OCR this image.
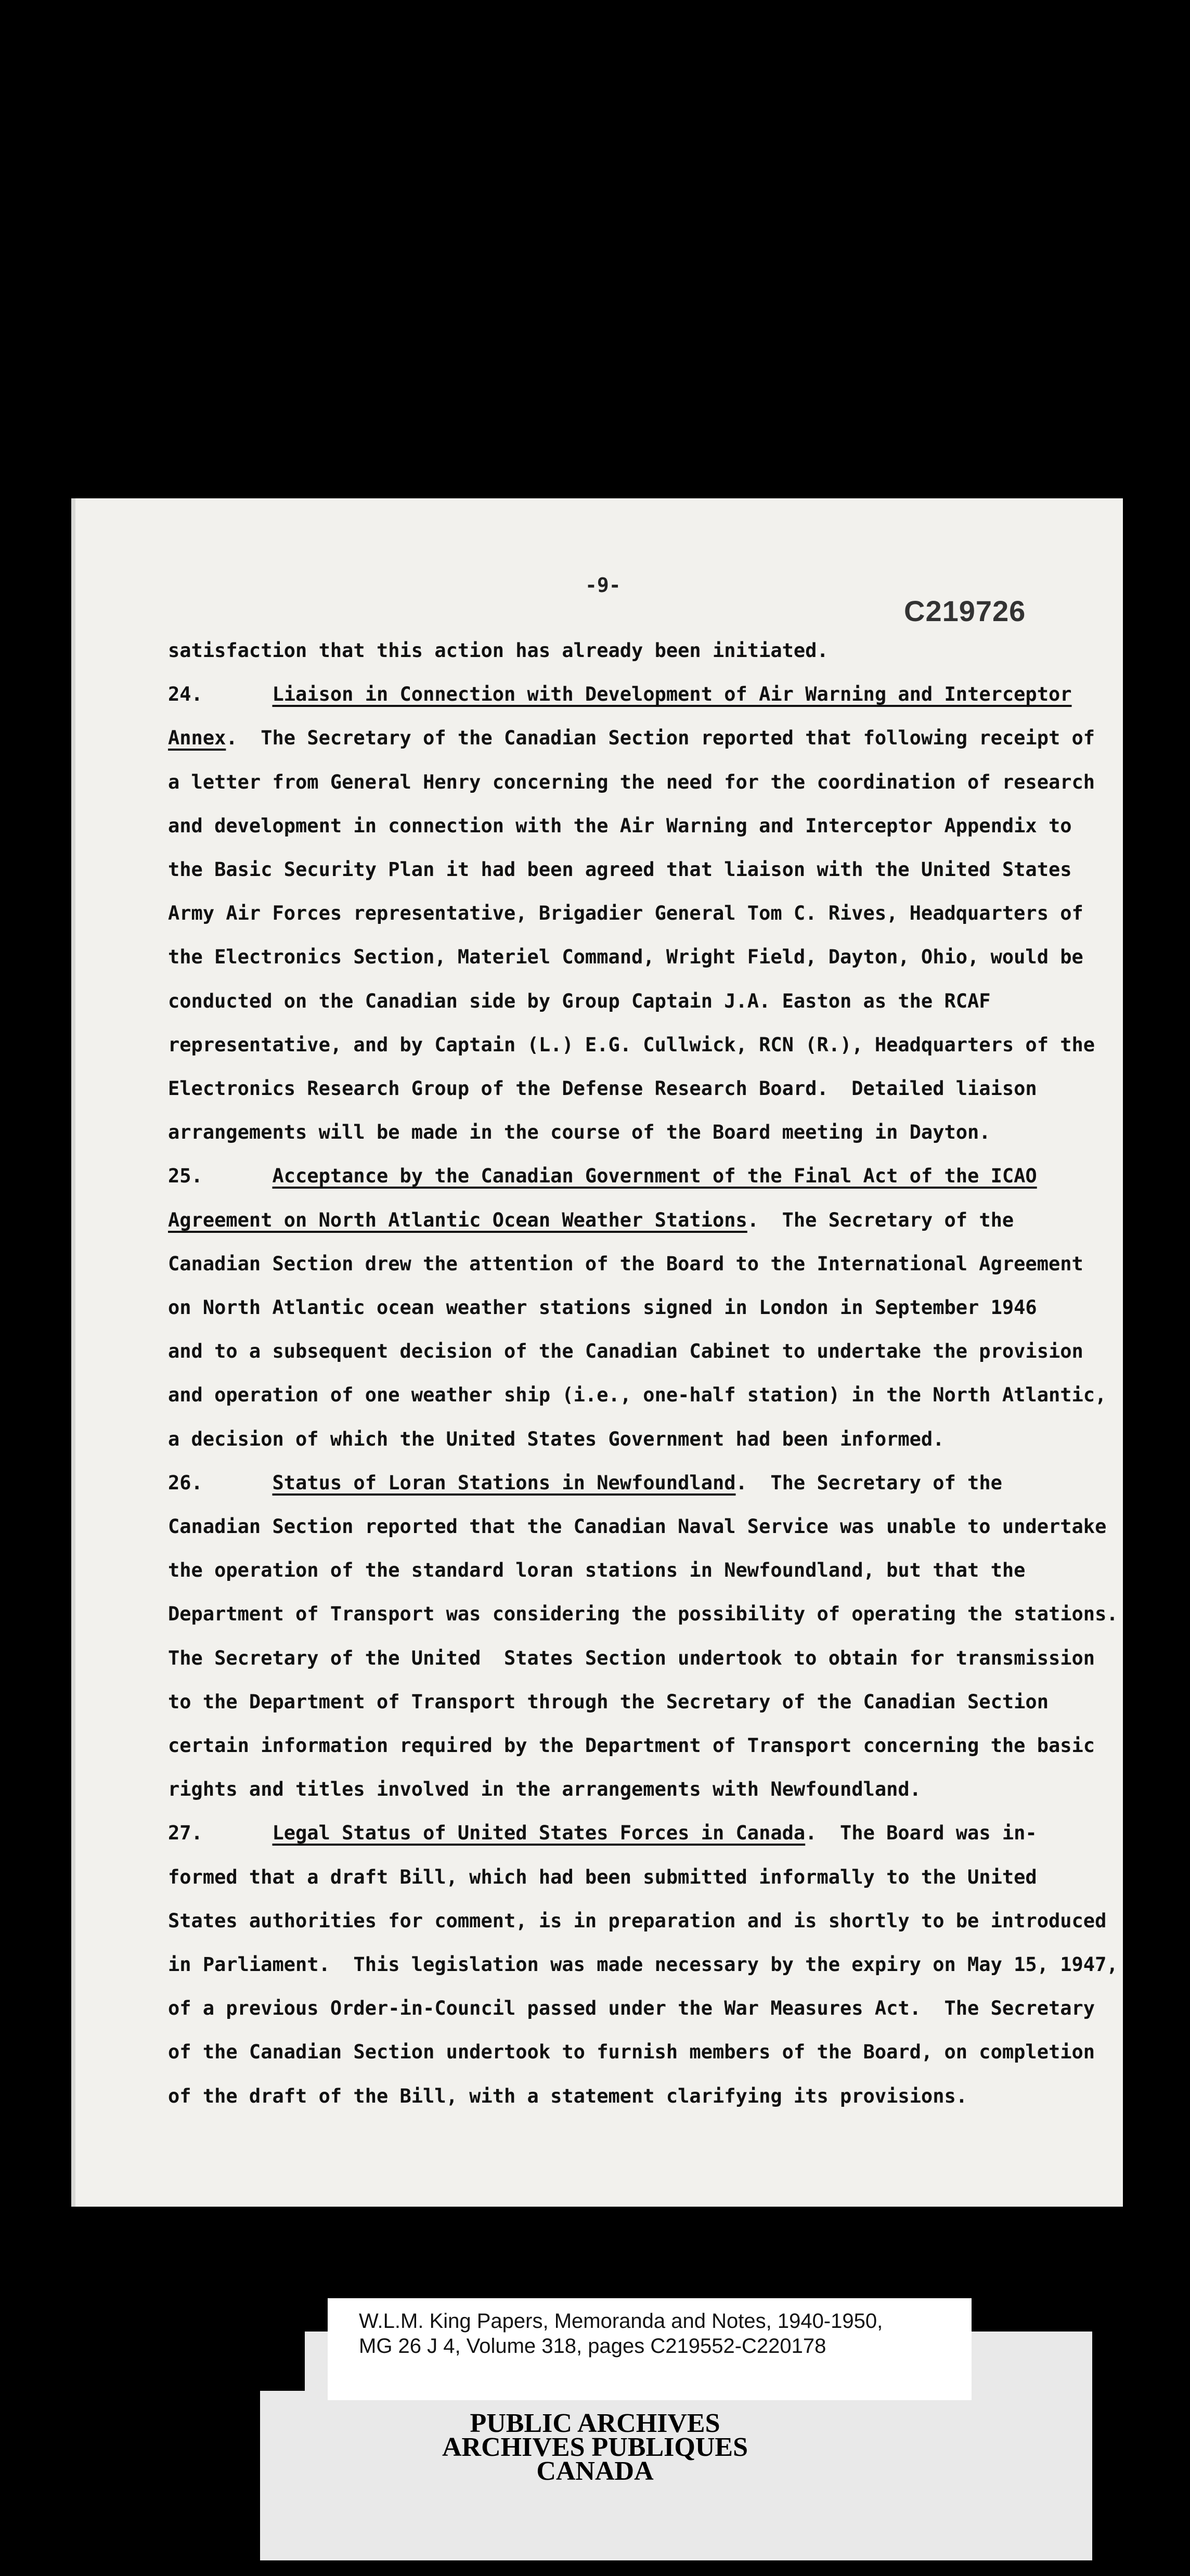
-9-
C219726
satisfaction that this action has already been initiated.
24.      Liaison in Connection with Development of Air Warning and Interceptor
Annex.  The Secretary of the Canadian Section reported that following receipt of
a letter from General Henry concerning the need for the coordination of research
and development in connection with the Air Warning and Interceptor Appendix to
the Basic Security Plan it had been agreed that liaison with the United States
Army Air Forces representative, Brigadier General Tom C. Rives, Headquarters of
the Electronics Section, Materiel Command, Wright Field, Dayton, Ohio, would be
conducted on the Canadian side by Group Captain J.A. Easton as the RCAF
representative, and by Captain (L.) E.G. Cullwick, RCN (R.), Headquarters of the
Electronics Research Group of the Defense Research Board.  Detailed liaison
arrangements will be made in the course of the Board meeting in Dayton.
25.      Acceptance by the Canadian Government of the Final Act of the ICAO
Agreement on North Atlantic Ocean Weather Stations.  The Secretary of the
Canadian Section drew the attention of the Board to the International Agreement
on North Atlantic ocean weather stations signed in London in September 1946
and to a subsequent decision of the Canadian Cabinet to undertake the provision
and operation of one weather ship (i.e., one-half station) in the North Atlantic,
a decision of which the United States Government had been informed.
26.      Status of Loran Stations in Newfoundland.  The Secretary of the
Canadian Section reported that the Canadian Naval Service was unable to undertake
the operation of the standard loran stations in Newfoundland, but that the
Department of Transport was considering the possibility of operating the stations.
The Secretary of the United  States Section undertook to obtain for transmission
to the Department of Transport through the Secretary of the Canadian Section
certain information required by the Department of Transport concerning the basic
rights and titles involved in the arrangements with Newfoundland.
27.      Legal Status of United States Forces in Canada.  The Board was in-
formed that a draft Bill, which had been submitted informally to the United
States authorities for comment, is in preparation and is shortly to be introduced
in Parliament.  This legislation was made necessary by the expiry on May 15, 1947,
of a previous Order-in-Council passed under the War Measures Act.  The Secretary
of the Canadian Section undertook to furnish members of the Board, on completion
of the draft of the Bill, with a statement clarifying its provisions.
W.L.M. King Papers, Memoranda and Notes, 1940-1950,
MG 26 J 4, Volume 318, pages C219552-C220178
PUBLIC ARCHIVES
ARCHIVES PUBLIQUES
CANADA
